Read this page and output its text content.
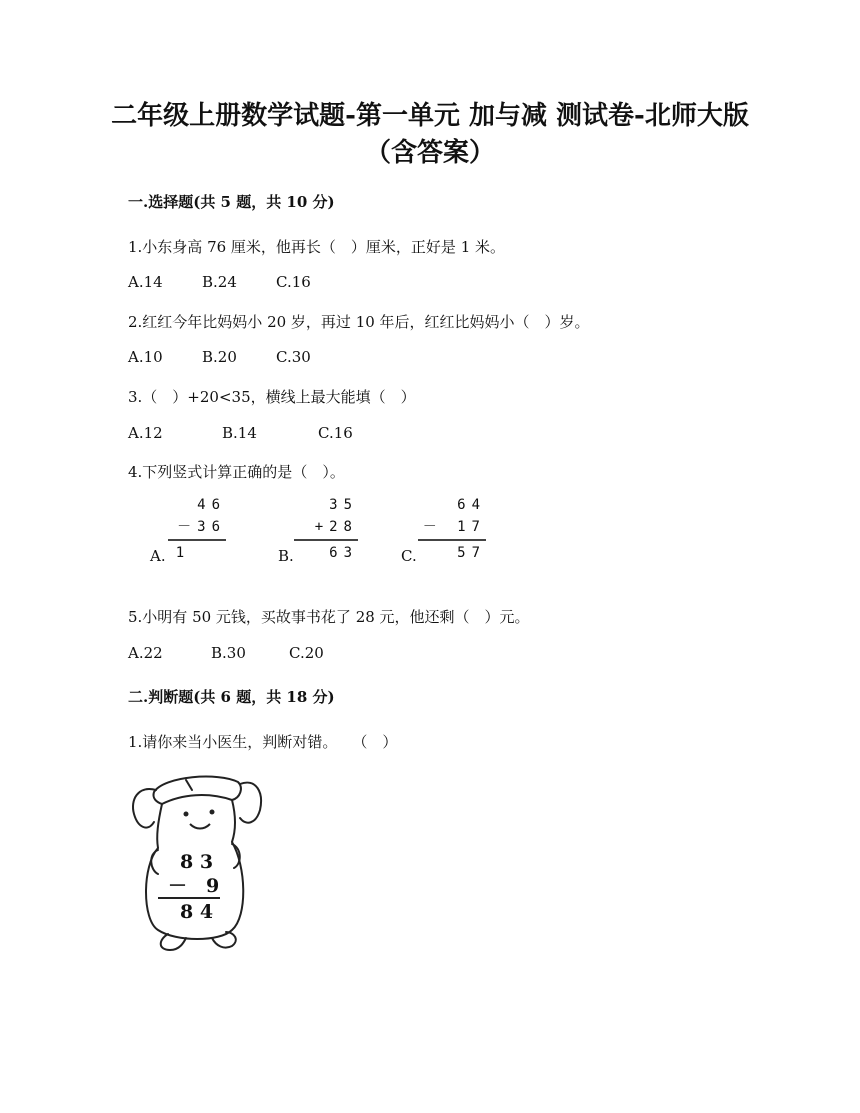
二年级上册数学试题-第一单元 加与减 测试卷-北师大版（含答案）
一.选择题(共 5 题，共 10 分)
1.小东身高 76 厘米，他再长（　）厘米，正好是 1 米。
A.14	B.24	C.16
2.红红今年比妈妈小 20 岁，再过 10 年后，红红比妈妈小（　）岁。
A.10	B.20	C.30
3.（　）+20<35，横线上最大能填（　）
A.12	B.14	C.16
4.下列竖式计算正确的是（　）。
46
－36
1
A.
35
+28
63
B.
64
－ 17
57
C.
5.小明有 50 元钱，买故事书花了 28 元，他还剩（　）元。
A.22	B.30	C.20
二.判断题(共 6 题，共 18 分)
1.请你来当小医生，判断对错。　　（　）
8 3
－　9
8 4
